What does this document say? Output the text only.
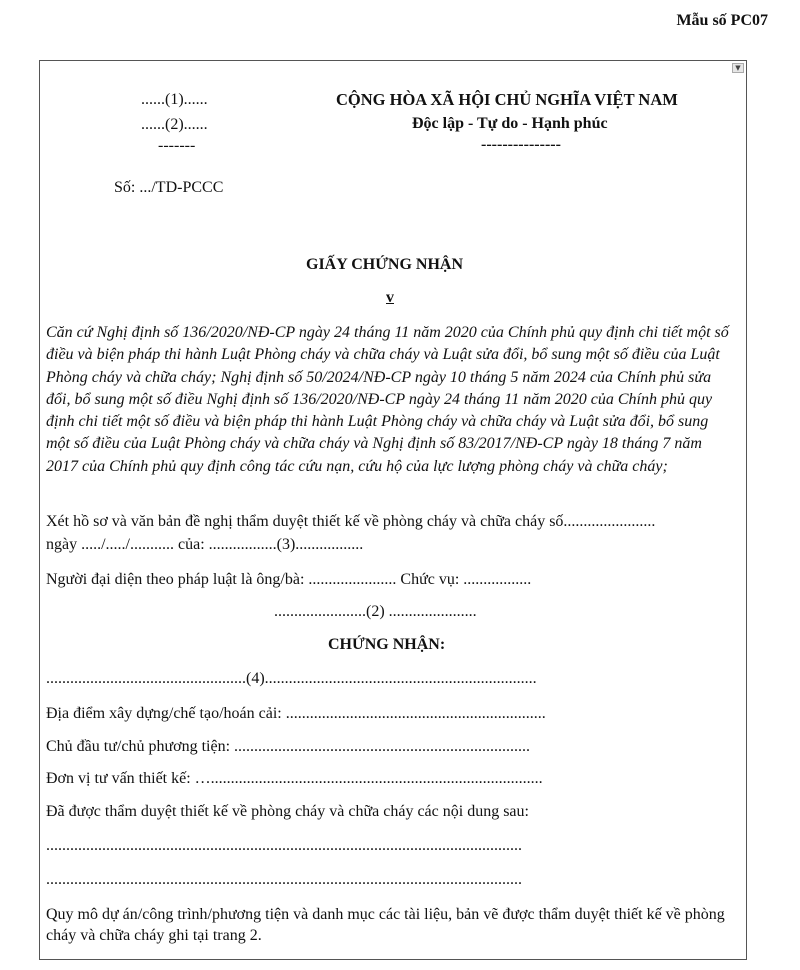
Mẫu số PC07
▼
......(1)......
......(2)......
-------
CỘNG HÒA XÃ HỘI CHỦ NGHĨA VIỆT NAM
Độc lập - Tự do - Hạnh phúc
---------------
Số: .../TD-PCCC
GIẤY CHỨNG NHẬN
v
Căn cứ Nghị định số 136/2020/NĐ-CP ngày 24 tháng 11 năm 2020 của Chính phủ quy định chi tiết một số điều và biện pháp thi hành Luật Phòng cháy và chữa cháy và Luật sửa đổi, bổ sung một số điều của Luật Phòng cháy và chữa cháy; Nghị định số 50/2024/NĐ-CP ngày 10 tháng 5 năm 2024 của Chính phủ sửa đổi, bổ sung một số điều Nghị định số 136/2020/NĐ-CP ngày 24 tháng 11 năm 2020 của Chính phủ quy định chi tiết một số điều và biện pháp thi hành Luật Phòng cháy và chữa cháy và Luật sửa đổi, bổ sung một số điều của Luật Phòng cháy và chữa cháy và Nghị định số 83/2017/NĐ-CP ngày 18 tháng 7 năm 2017 của Chính phủ quy định công tác cứu nạn, cứu hộ của lực lượng phòng cháy và chữa cháy;
Xét hồ sơ và văn bản đề nghị thẩm duyệt thiết kế về phòng cháy và chữa cháy số.......................
ngày ...../...../........... của: .................(3).................
Người đại diện theo pháp luật là ông/bà: ...................... Chức vụ: .................
.......................(2) ......................
CHỨNG NHẬN:
..................................................(4)....................................................................
Địa điểm xây dựng/chế tạo/hoán cải: .................................................................
Chủ đầu tư/chủ phương tiện: ..........................................................................
Đơn vị tư vấn thiết kế: …...................................................................................
Đã được thẩm duyệt thiết kế về phòng cháy và chữa cháy các nội dung sau:
.......................................................................................................................
.......................................................................................................................
Quy mô dự án/công trình/phương tiện và danh mục các tài liệu, bản vẽ được thẩm duyệt thiết kế về phòng cháy và chữa cháy ghi tại trang 2.
